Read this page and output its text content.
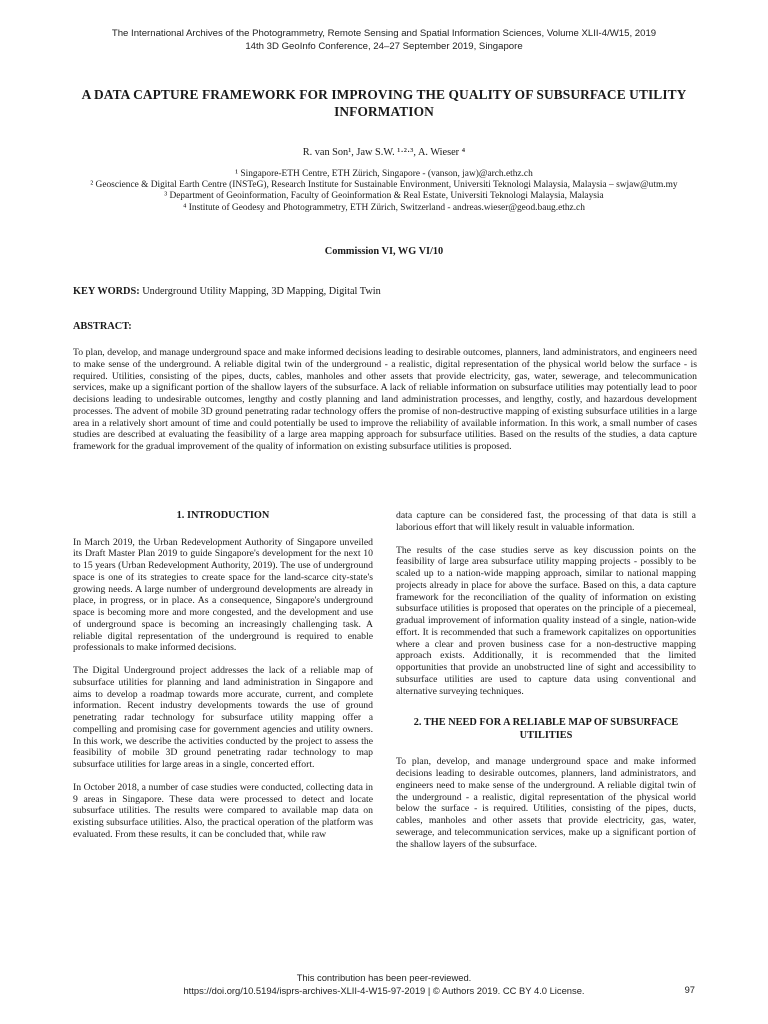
The International Archives of the Photogrammetry, Remote Sensing and Spatial Information Sciences, Volume XLII-4/W15, 2019
14th 3D GeoInfo Conference, 24–27 September 2019, Singapore
A DATA CAPTURE FRAMEWORK FOR IMPROVING THE QUALITY OF SUBSURFACE UTILITY INFORMATION
R. van Son¹, Jaw S.W. ¹·²·³, A. Wieser ⁴
¹ Singapore-ETH Centre, ETH Zürich, Singapore - (vanson, jaw)@arch.ethz.ch
² Geoscience & Digital Earth Centre (INSTeG), Research Institute for Sustainable Environment, Universiti Teknologi Malaysia, Malaysia – swjaw@utm.my
³ Department of Geoinformation, Faculty of Geoinformation & Real Estate, Universiti Teknologi Malaysia, Malaysia
⁴ Institute of Geodesy and Photogrammetry, ETH Zürich, Switzerland - andreas.wieser@geod.baug.ethz.ch
Commission VI, WG VI/10
KEY WORDS: Underground Utility Mapping, 3D Mapping, Digital Twin
ABSTRACT:

To plan, develop, and manage underground space and make informed decisions leading to desirable outcomes, planners, land administrators, and engineers need to make sense of the underground. A reliable digital twin of the underground - a realistic, digital representation of the physical world below the surface - is required. Utilities, consisting of the pipes, ducts, cables, manholes and other assets that provide electricity, gas, water, sewerage, and telecommunication services, make up a significant portion of the shallow layers of the subsurface. A lack of reliable information on subsurface utilities may potentially lead to poor decisions leading to undesirable outcomes, lengthy and costly planning and land administration processes, and lengthy, costly, and hazardous development processes. The advent of mobile 3D ground penetrating radar technology offers the promise of non-destructive mapping of existing subsurface utilities in a large area in a relatively short amount of time and could potentially be used to improve the reliability of available information. In this work, a small number of cases studies are described at evaluating the feasibility of a large area mapping approach for subsurface utilities. Based on the results of the studies, a data capture framework for the gradual improvement of the quality of information on existing subsurface utilities is proposed.

1. INTRODUCTION

In March 2019, the Urban Redevelopment Authority of Singapore unveiled its Draft Master Plan 2019 to guide Singapore's development for the next 10 to 15 years (Urban Redevelopment Authority, 2019). The use of underground space is one of its strategies to create space for the land-scarce city-state's growing needs. A large number of underground developments are already in place, in progress, or in place. As a consequence, Singapore's underground space is becoming more and more congested, and the development and use of underground space is becoming an increasingly challenging task. A reliable digital representation of the underground is required to enable professionals to make informed decisions.

The Digital Underground project addresses the lack of a reliable map of subsurface utilities for planning and land administration in Singapore and aims to develop a roadmap towards more accurate, current, and complete information. Recent industry developments towards the use of ground penetrating radar technology for subsurface utility mapping offer a compelling and promising case for government agencies and utility owners. In this work, we describe the activities conducted by the project to assess the feasibility of mobile 3D ground penetrating radar technology to map subsurface utilities for large areas in a single, concerted effort.

In October 2018, a number of case studies were conducted, collecting data in 9 areas in Singapore. These data were processed to detect and locate subsurface utilities. The results were compared to available map data on existing subsurface utilities. Also, the practical operation of the platform was evaluated. From these results, it can be concluded that, while raw

data capture can be considered fast, the processing of that data is still a laborious effort that will likely result in valuable information.

The results of the case studies serve as key discussion points on the feasibility of large area subsurface utility mapping projects - possibly to be scaled up to a nation-wide mapping approach, similar to national mapping projects already in place for above the surface. Based on this, a data capture framework for the reconciliation of the quality of information on existing subsurface utilities is proposed that operates on the principle of a piecemeal, gradual improvement of information quality instead of a single, nation-wide effort. It is recommended that such a framework capitalizes on opportunities where a clear and proven business case for a non-destructive mapping approach exists. Additionally, it is recommended that the limited opportunities that provide an unobstructed line of sight and accessibility to subsurface utilities are used to capture data using conventional and alternative surveying techniques.

2. THE NEED FOR A RELIABLE MAP OF SUBSURFACE UTILITIES

To plan, develop, and manage underground space and make informed decisions leading to desirable outcomes, planners, land administrators, and engineers need to make sense of the underground. A reliable digital twin of the underground - a realistic, digital representation of the physical world below the surface - is required. Utilities, consisting of the pipes, ducts, cables, manholes and other assets that provide electricity, gas, water, sewerage, and telecommunication services, make up a significant portion of the shallow layers of the subsurface.

This contribution has been peer-reviewed.
https://doi.org/10.5194/isprs-archives-XLII-4-W15-97-2019 | © Authors 2019. CC BY 4.0 License.	97
